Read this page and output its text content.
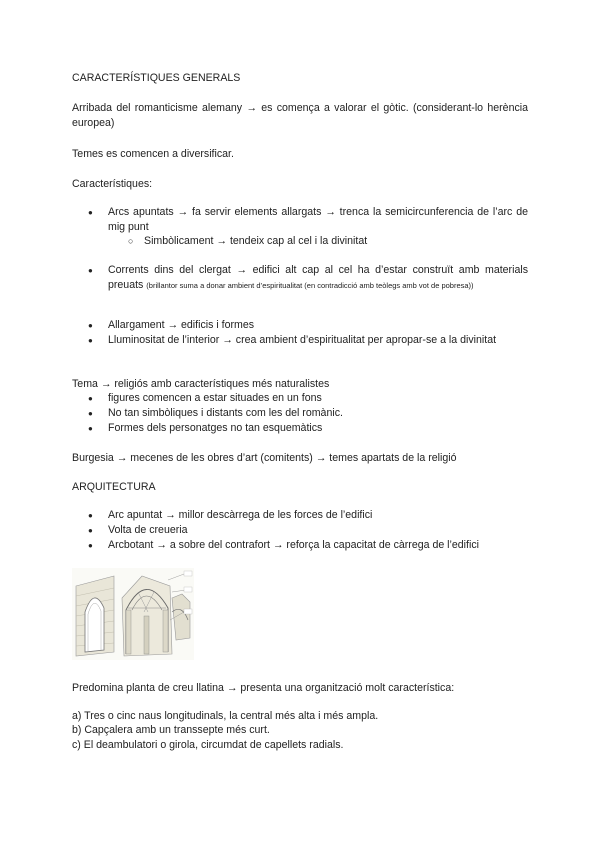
CARACTERÍSTIQUES GENERALS
Arribada del romanticisme alemany → es comença a valorar el gòtic. (considerant-lo herència europea)
Temes es comencen a diversificar.
Característiques:
● Arcs apuntats → fa servir elements allargats → trenca la semicircunferencia de l’arc de mig punt
○ Simbòlicament → tendeix cap al cel i la divinitat
● Corrents dins del clergat → edifici alt cap al cel ha d’estar construït amb materials preuats (brillantor suma a donar ambient d’espiritualitat (en contradicció amb teòlegs amb vot de pobresa))
● Allargament → edificis i formes
● Lluminositat de l’interior → crea ambient d’espiritualitat per apropar-se a la divinitat
Tema → religiós amb característiques més naturalistes
● figures comencen a estar situades en un fons
● No tan simbòliques i distants com les del romànic.
● Formes dels personatges no tan esquemàtics
Burgesia → mecenes de les obres d’art (comitents) → temes apartats de la religió
ARQUITECTURA
● Arc apuntat → millor descàrrega de les forces de l’edifici
● Volta de creueria
● Arcbotant → a sobre del contrafort → reforça la capacitat de càrrega de l’edifici
Predomina planta de creu llatina → presenta una organització molt característica:
a) Tres o cinc naus longitudinals, la central més alta i més ampla.
b) Capçalera amb un transsepte més curt.
c) El deambulatori o girola, circumdat de capellets radials.
